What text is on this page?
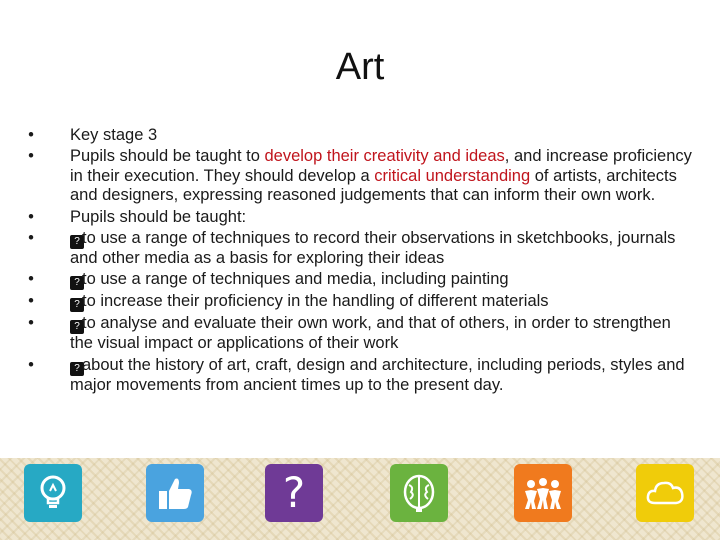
Art
• Key stage 3
• Pupils should be taught to develop their creativity and ideas, and increase proficiency in their execution. They should develop a critical understanding of artists, architects and designers, expressing reasoned judgements that can inform their own work.
• Pupils should be taught:
•	? to use a range of techniques to record their observations in sketchbooks, journals and other media as a basis for exploring their ideas
•	? to use a range of techniques and media, including painting
•	? to increase their proficiency in the handling of different materials
•	? to analyse and evaluate their own work, and that of others, in order to strengthen the visual impact or applications of their work
•	? about the history of art, craft, design and architecture, including periods, styles and major movements from ancient times up to the present day.
?
